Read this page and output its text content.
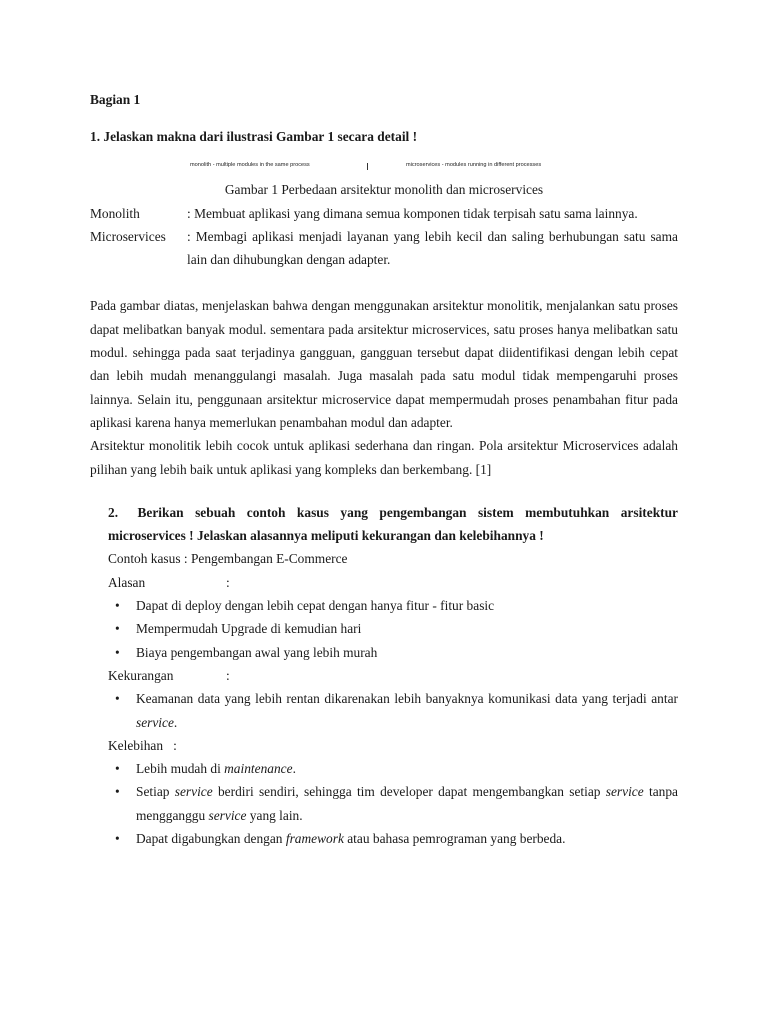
Bagian 1
1. Jelaskan makna dari ilustrasi Gambar 1 secara detail !
monolith - multiple modules in the same process	microservices - modules running in different processes
Gambar 1 Perbedaan arsitektur monolith dan microservices
Monolith	: Membuat aplikasi yang dimana semua komponen tidak terpisah satu sama lainnya.
Microservices	: Membagi aplikasi menjadi layanan yang lebih kecil dan saling berhubungan satu sama lain dan dihubungkan dengan adapter.
Pada gambar diatas, menjelaskan bahwa dengan menggunakan arsitektur monolitik, menjalankan satu proses dapat melibatkan banyak modul. sementara pada arsitektur microservices, satu proses hanya melibatkan satu modul. sehingga pada saat terjadinya gangguan, gangguan tersebut dapat diidentifikasi dengan lebih cepat dan lebih mudah menanggulangi masalah. Juga masalah pada satu modul tidak mempengaruhi proses lainnya. Selain itu, penggunaan arsitektur microservice dapat mempermudah proses penambahan fitur pada aplikasi karena hanya memerlukan penambahan modul dan adapter.
Arsitektur monolitik lebih cocok untuk aplikasi sederhana dan ringan. Pola arsitektur Microservices adalah pilihan yang lebih baik untuk aplikasi yang kompleks dan berkembang. [1]
2. Berikan sebuah contoh kasus yang pengembangan sistem membutuhkan arsitektur microservices ! Jelaskan alasannya meliputi kekurangan dan kelebihannya !
Contoh kasus : Pengembangan E-Commerce
Alasan	:
•	Dapat di deploy dengan lebih cepat dengan hanya fitur - fitur basic
•	Mempermudah Upgrade di kemudian hari
•	Biaya pengembangan awal yang lebih murah
Kekurangan	:
•	Keamanan data yang lebih rentan dikarenakan lebih banyaknya komunikasi data yang terjadi antar service.
Kelebihan :
•	Lebih mudah di maintenance.
•	Setiap service berdiri sendiri, sehingga tim developer dapat mengembangkan setiap service tanpa mengganggu service yang lain.
•	Dapat digabungkan dengan framework atau bahasa pemrograman yang berbeda.
